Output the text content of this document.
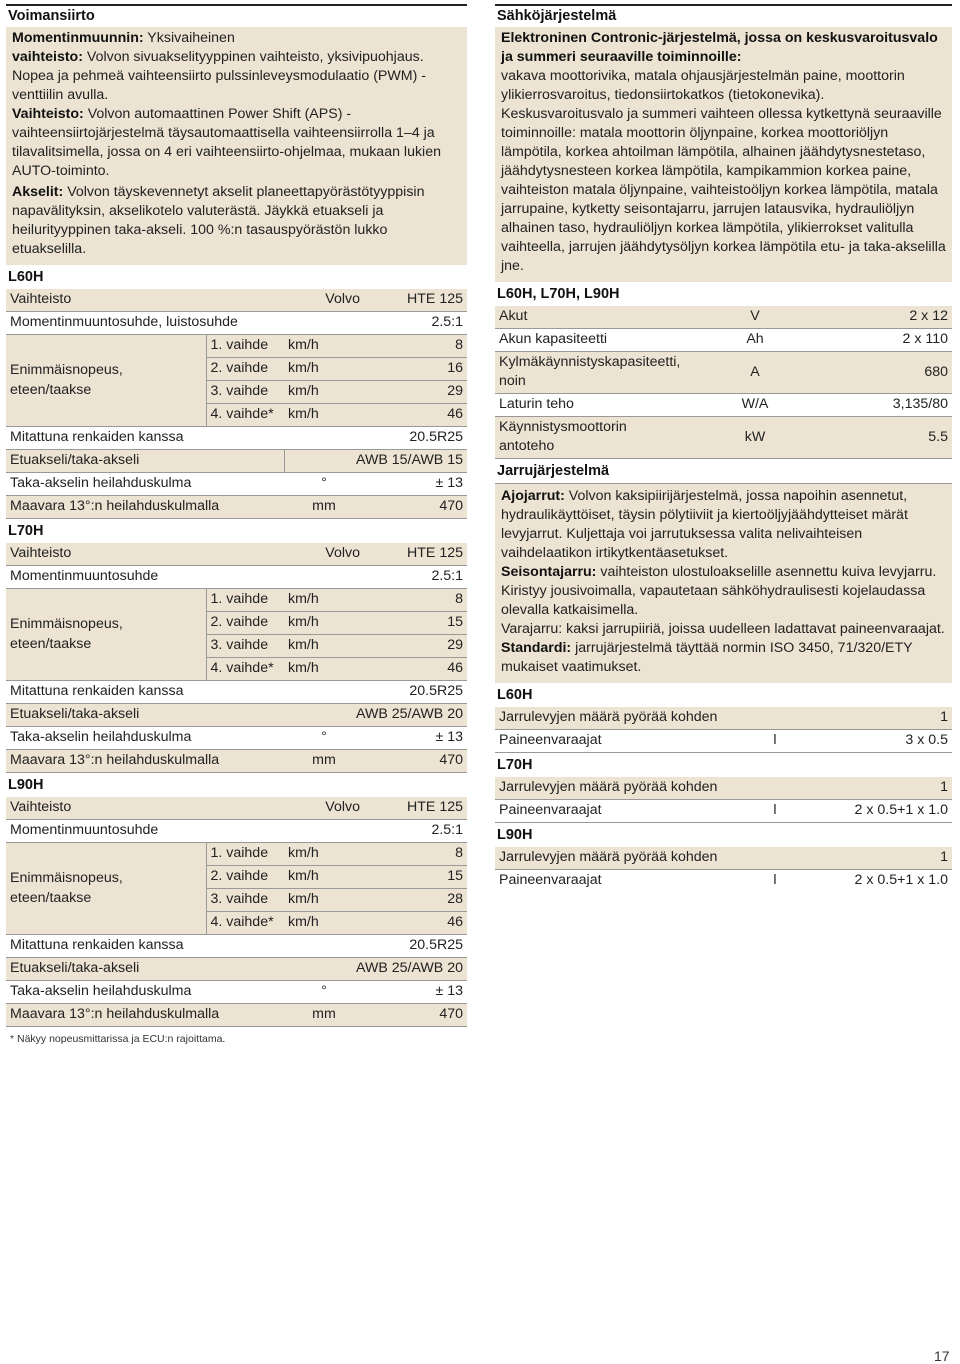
Voimansiirto

Momentinmuunnin: Yksivaiheinen
vaihteisto: Volvon sivuakselityyppinen vaihteisto, yksivipuohjaus. Nopea ja pehmeä vaihteensiirto pulssinleveysmodulaatio (PWM) -venttiilin avulla.

Vaihteisto: Volvon automaattinen Power Shift (APS) -vaihteensiirtojärjestelmä täysautomaattisella vaihteensiirrolla 1–4 ja tilavalitsimella, jossa on 4 eri vaihteensiirto-ohjelmaa, mukaan lukien AUTO-toiminto.

Akselit: Volvon täyskevennetyt akselit planeettapyörästötyyppisin napavälityksin, akselikotelo valuterästä. Jäykkä etuakseli ja heilurityyppinen taka-akseli. 100 %:n tasauspyörästön lukko etuakselilla.

L60H
Vaihteisto		Volvo	HTE 125
Momentinmuuntosuhde, luistosuhde			2.5:1
Enimmäisnopeus,
eteen/taakse	1. vaihde	km/h	8
	2. vaihde	km/h	16
	3. vaihde	km/h	29
	4. vaihde*	km/h	46
Mitattuna renkaiden kanssa			20.5R25
Etuakseli/taka-akseli		AWB 15/AWB 15	
Taka-akselin heilahduskulma		°	± 13
Maavara 13°:n heilahduskulmalla		mm	470
L70H
Vaihteisto		Volvo	HTE 125
Momentinmuuntosuhde			2.5:1
Enimmäisnopeus,
eteen/taakse	1. vaihde	km/h	8
	2. vaihde	km/h	15
	3. vaihde	km/h	29
	4. vaihde*	km/h	46
Mitattuna renkaiden kanssa			20.5R25
Etuakseli/taka-akseli		AWB 25/AWB 20	
Taka-akselin heilahduskulma		°	± 13
Maavara 13°:n heilahduskulmalla		mm	470
L90H
Vaihteisto		Volvo	HTE 125
Momentinmuuntosuhde			2.5:1
Enimmäisnopeus,
eteen/taakse	1. vaihde	km/h	8
	2. vaihde	km/h	15
	3. vaihde	km/h	28
	4. vaihde*	km/h	46
Mitattuna renkaiden kanssa			20.5R25
Etuakseli/taka-akseli		AWB 25/AWB 20	
Taka-akselin heilahduskulma		°	± 13
Maavara 13°:n heilahduskulmalla		mm	470
* Näkyy nopeusmittarissa ja ECU:n rajoittama.
Sähköjärjestelmä

Elektroninen Contronic-järjestelmä, jossa on keskusvaroitusvalo ja summeri seuraaville toiminnoille:
vakava moottorivika, matala ohjausjärjestelmän paine, moottorin ylikierrosvaroitus, tiedonsiirtokatkos (tietokonevika).

Keskusvaroitusvalo ja summeri vaihteen ollessa kytkettynä seuraaville toiminnoille: matala moottorin öljynpaine, korkea moottoriöljyn lämpötila, korkea ahtoilman lämpötila, alhainen jäähdytysnestetaso, jäähdytysnesteen korkea lämpötila, kampikammion korkea paine, vaihteiston matala öljynpaine, vaihteistoöljyn korkea lämpötila, matala jarrupaine, kytketty seisontajarru, jarrujen latausvika, hydrauliöljyn alhainen taso, hydrauliöljyn korkea lämpötila, ylikierrokset valitulla vaihteella, jarrujen jäähdytysöljyn korkea lämpötila etu- ja taka-akselilla jne.

L60H, L70H, L90H
Akut	V	2 x 12
Akun kapasiteetti	Ah	2 x 110
Kylmäkäynnistyskapasiteetti, noin	A	680
Laturin teho	W/A	3,135/80
Käynnistysmoottorin antoteho	kW	5.5
Jarrujärjestelmä

Ajojarrut: Volvon kaksipiirijärjestelmä, jossa napoihin asennetut, hydraulikäyttöiset, täysin pölytiiviit ja kiertoöljyjäähdytteiset märät levyjarrut. Kuljettaja voi jarrutuksessa valita nelivaihteisen vaihdelaatikon irtikytkentäasetukset.

Seisontajarru: vaihteiston ulostuloakselille asennettu kuiva levyjarru. Kiristyy jousivoimalla, vapautetaan sähköhydraulisesti kojelaudassa olevalla katkaisimella.

Varajarru: kaksi jarrupiiriä, joissa uudelleen ladattavat paineenvaraajat.

Standardi: jarrujärjestelmä täyttää normin ISO 3450, 71/320/ETY mukaiset vaatimukset.

L60H
Jarrulevyjen määrä pyörää kohden		1
Paineenvaraajat	l	3 x 0.5
L70H
Jarrulevyjen määrä pyörää kohden		1
Paineenvaraajat	l	2 x 0.5+1 x 1.0
L90H
Jarrulevyjen määrä pyörää kohden		1
Paineenvaraajat	l	2 x 0.5+1 x 1.0
17
